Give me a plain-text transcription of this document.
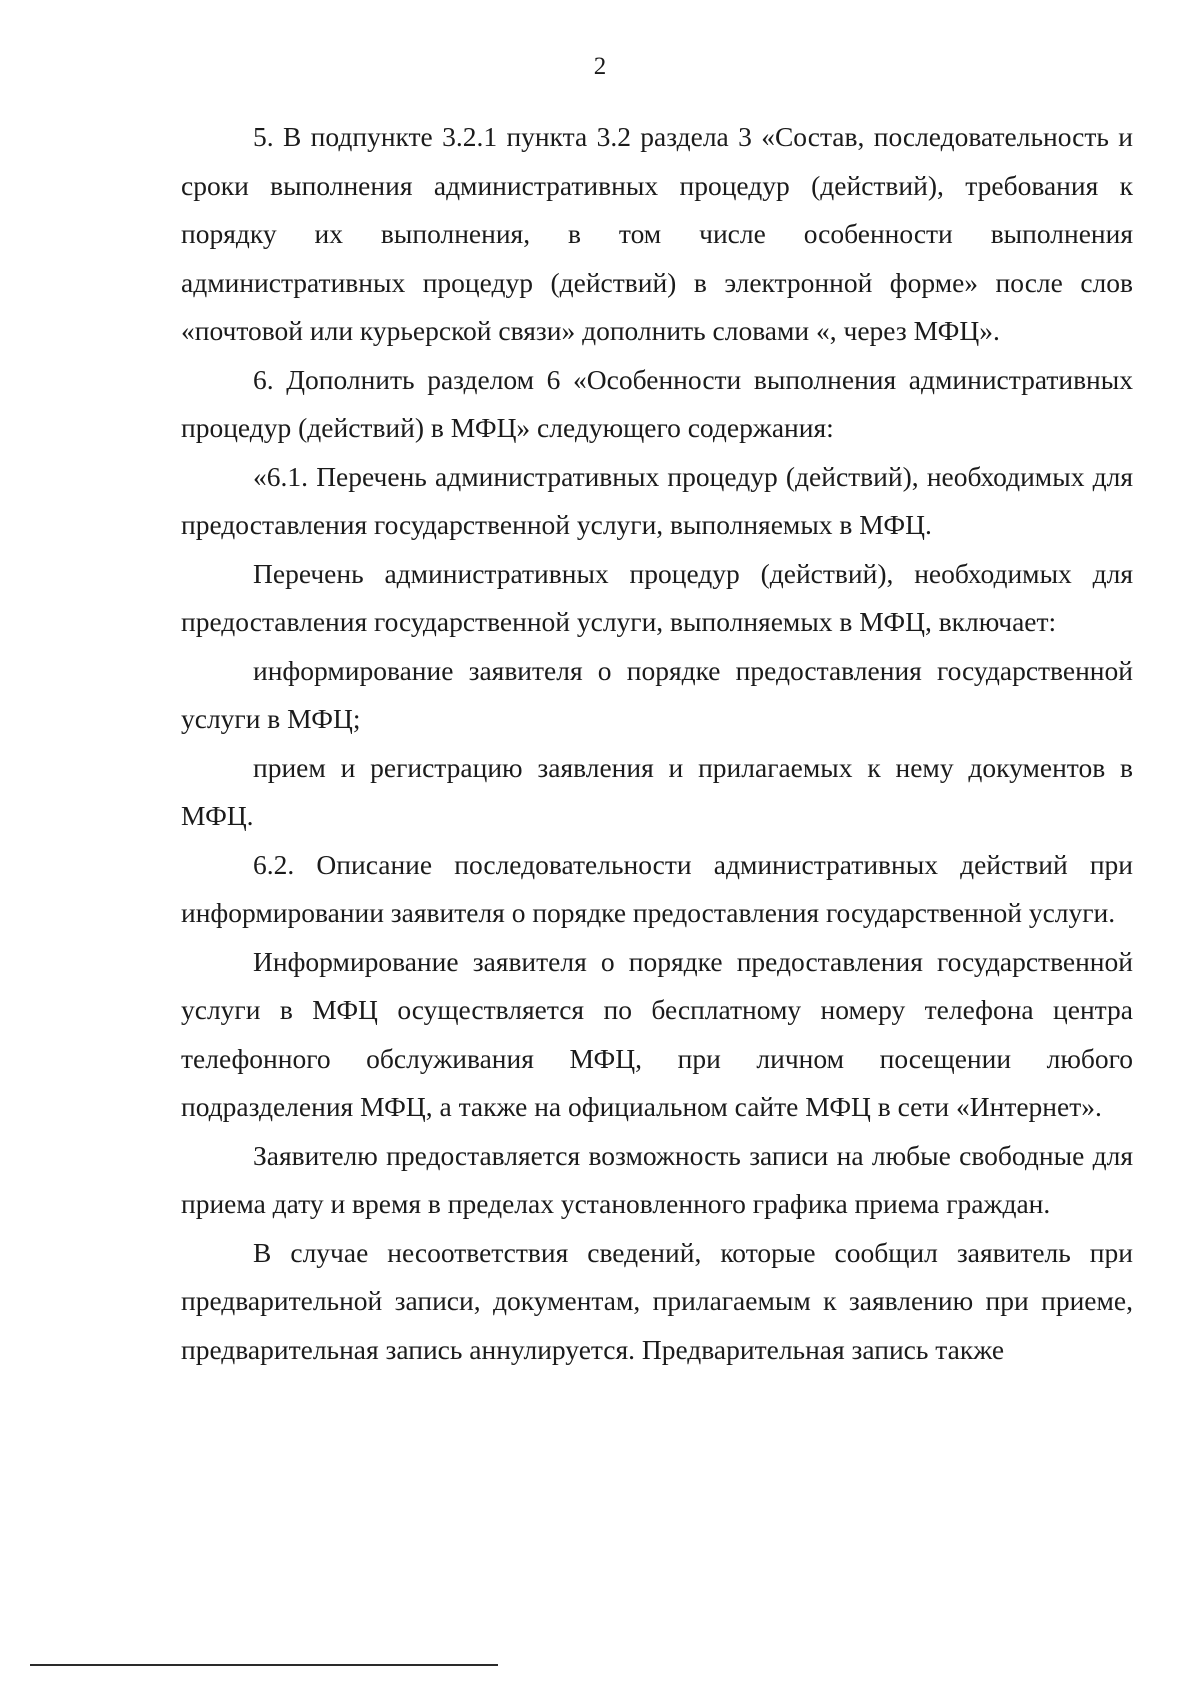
2

5. В подпункте 3.2.1 пункта 3.2 раздела 3 «Состав, последовательность и сроки выполнения административных процедур (действий), требования к порядку их выполнения, в том числе особенности выполнения административных процедур (действий) в электронной форме» после слов «почтовой или курьерской связи» дополнить словами «, через МФЦ».

6. Дополнить разделом 6 «Особенности выполнения административных процедур (действий) в МФЦ» следующего содержания:

«6.1. Перечень административных процедур (действий), необходимых для предоставления государственной услуги, выполняемых в МФЦ.

Перечень административных процедур (действий), необходимых для предоставления государственной услуги, выполняемых в МФЦ, включает:

информирование заявителя о порядке предоставления государственной услуги в МФЦ;

прием и регистрацию заявления и прилагаемых к нему документов в МФЦ.

6.2. Описание последовательности административных действий при информировании заявителя о порядке предоставления государственной услуги.

Информирование заявителя о порядке предоставления государственной услуги в МФЦ осуществляется по бесплатному номеру телефона центра телефонного обслуживания МФЦ, при личном посещении любого подразделения МФЦ, а также на официальном сайте МФЦ в сети «Интернет».

Заявителю предоставляется возможность записи на любые свободные для приема дату и время в пределах установленного графика приема граждан.

В случае несоответствия сведений, которые сообщил заявитель при предварительной записи, документам, прилагаемым к заявлению при приеме, предварительная запись аннулируется. Предварительная запись также
